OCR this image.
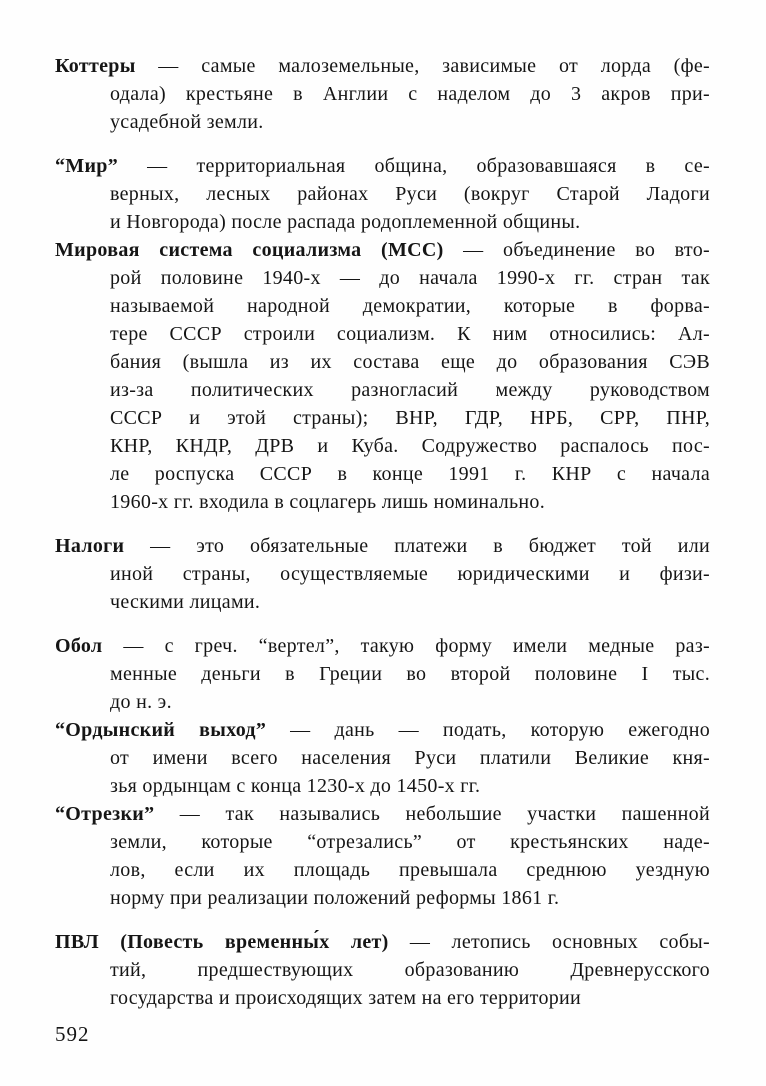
Коттеры — самые малоземельные, зависимые от лорда (фе-
одала) крестьяне в Англии с наделом до 3 акров при-
усадебной земли.
“Мир” — территориальная община, образовавшаяся в се-
верных, лесных районах Руси (вокруг Старой Ладоги
и Новгорода) после распада родоплеменной общины.
Мировая система социализма (МСС) — объединение во вто-
рой половине 1940-х — до начала 1990-х гг. стран так
называемой народной демократии, которые в форва-
тере СССР строили социализм. К ним относились: Ал-
бания (вышла из их состава еще до образования СЭВ
из-за политических разногласий между руководством
СССР и этой страны); ВНР, ГДР, НРБ, СРР, ПНР,
КНР, КНДР, ДРВ и Куба. Содружество распалось пос-
ле роспуска СССР в конце 1991 г. КНР с начала
1960-х гг. входила в соцлагерь лишь номинально.
Налоги — это обязательные платежи в бюджет той или
иной страны, осуществляемые юридическими и физи-
ческими лицами.
Обол — с греч. “вертел”, такую форму имели медные раз-
менные деньги в Греции во второй половине I тыс.
до н. э.
“Ордынский выход” — дань — подать, которую ежегодно
от имени всего населения Руси платили Великие кня-
зья ордынцам с конца 1230-х до 1450-х гг.
“Отрезки” — так назывались небольшие участки пашенной
земли, которые “отрезались” от крестьянских наде-
лов, если их площадь превышала среднюю уездную
норму при реализации положений реформы 1861 г.
ПВЛ (Повесть временны́х лет) — летопись основных собы-
тий, предшествующих образованию Древнерусского
государства и происходящих затем на его территории
592
